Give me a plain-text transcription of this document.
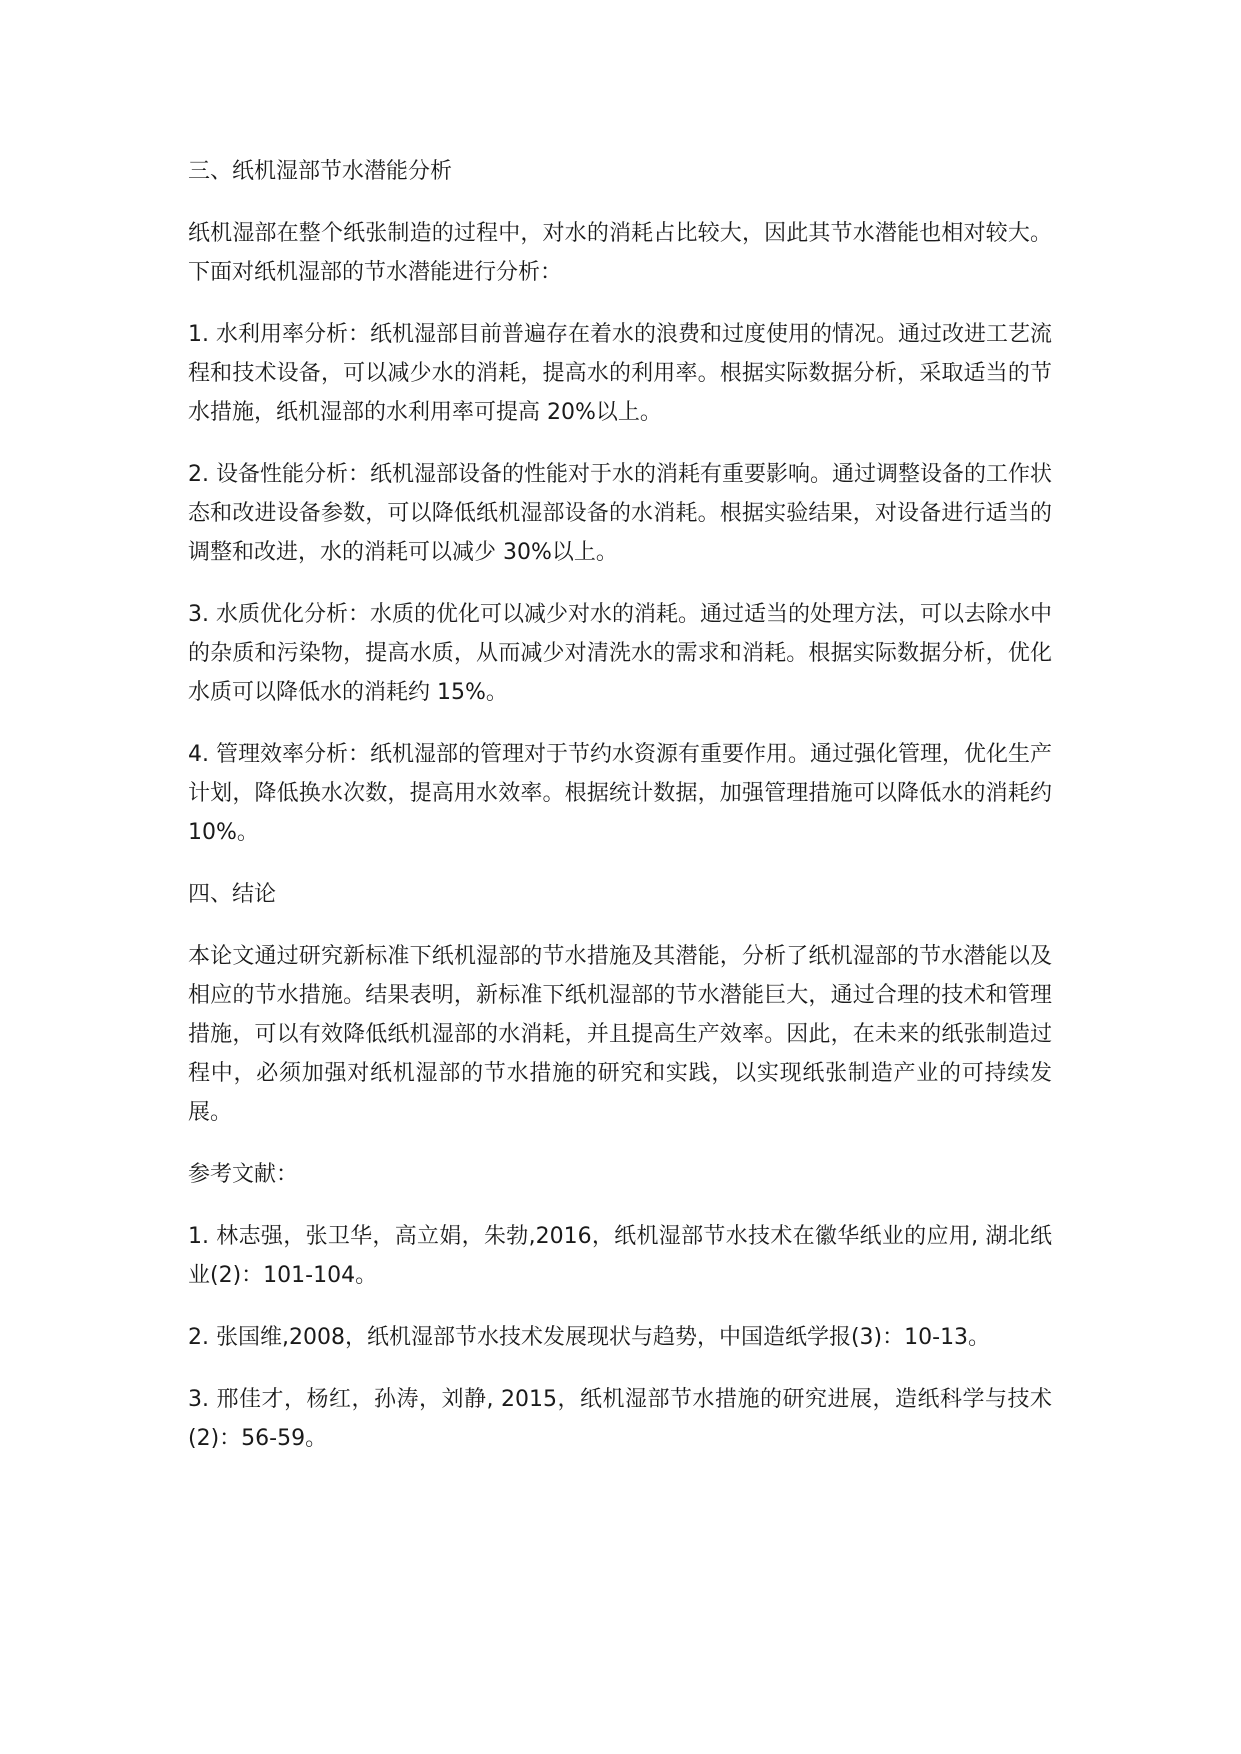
三、纸机湿部节水潜能分析

纸机湿部在整个纸张制造的过程中，对水的消耗占比较大，因此其节水潜能也相对较大。下面对纸机湿部的节水潜能进行分析：

1. 水利用率分析：纸机湿部目前普遍存在着水的浪费和过度使用的情况。通过改进工艺流程和技术设备，可以减少水的消耗，提高水的利用率。根据实际数据分析，采取适当的节水措施，纸机湿部的水利用率可提高 20%以上。

2. 设备性能分析：纸机湿部设备的性能对于水的消耗有重要影响。通过调整设备的工作状态和改进设备参数，可以降低纸机湿部设备的水消耗。根据实验结果，对设备进行适当的调整和改进，水的消耗可以减少 30%以上。

3. 水质优化分析：水质的优化可以减少对水的消耗。通过适当的处理方法，可以去除水中的杂质和污染物，提高水质，从而减少对清洗水的需求和消耗。根据实际数据分析，优化水质可以降低水的消耗约 15%。

4. 管理效率分析：纸机湿部的管理对于节约水资源有重要作用。通过强化管理，优化生产计划，降低换水次数，提高用水效率。根据统计数据，加强管理措施可以降低水的消耗约 10%。

四、结论

本论文通过研究新标准下纸机湿部的节水措施及其潜能，分析了纸机湿部的节水潜能以及相应的节水措施。结果表明，新标准下纸机湿部的节水潜能巨大，通过合理的技术和管理措施，可以有效降低纸机湿部的水消耗，并且提高生产效率。因此，在未来的纸张制造过程中，必须加强对纸机湿部的节水措施的研究和实践，以实现纸张制造产业的可持续发展。

参考文献：

1. 林志强，张卫华，高立娟，朱勃,2016，纸机湿部节水技术在徽华纸业的应用, 湖北纸业(2)：101-104。

2. 张国维,2008，纸机湿部节水技术发展现状与趋势，中国造纸学报(3)：10-13。

3. 邢佳才，杨红，孙涛，刘静, 2015，纸机湿部节水措施的研究进展，造纸科学与技术(2)：56-59。
